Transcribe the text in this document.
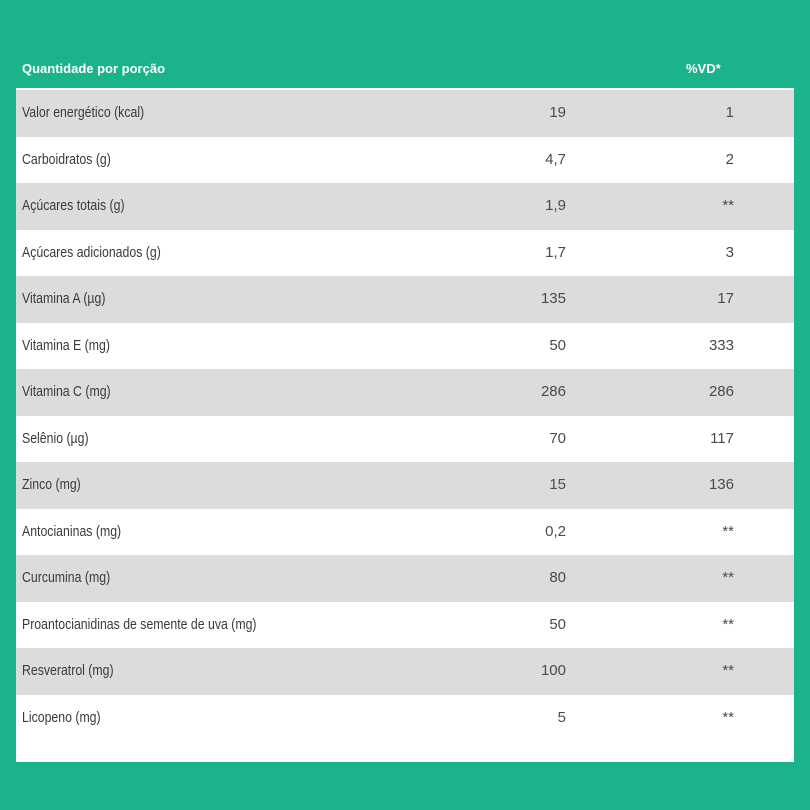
Quantidade por porção	%VD*
Valor energético (kcal)	19	1
Carboidratos (g)	4,7	2
Açúcares totais (g)	1,9	**
Açúcares adicionados (g)	1,7	3
Vitamina A (µg)	135	17
Vitamina E (mg)	50	333
Vitamina C (mg)	286	286
Selênio (µg)	70	117
Zinco (mg)	15	136
Antocianinas (mg)	0,2	**
Curcumina (mg)	80	**
Proantocianidinas de semente de uva (mg)	50	**
Resveratrol (mg)	100	**
Licopeno (mg)	5	**
